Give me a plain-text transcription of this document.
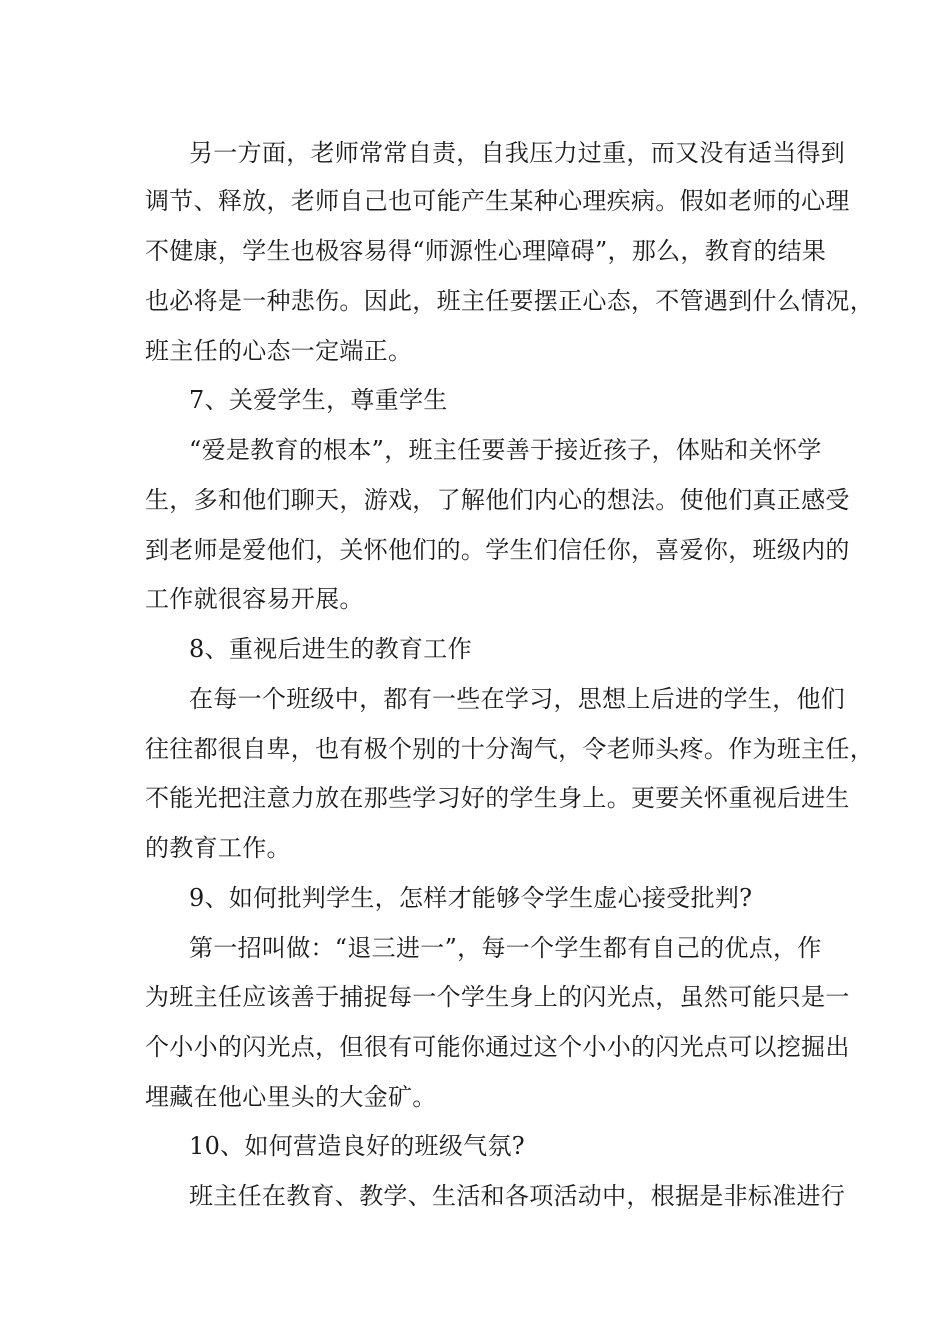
另一方面，老师常常自责，自我压力过重，而又没有适当得到
调节、释放，老师自己也可能产生某种心理疾病。假如老师的心理
不健康，学生也极容易得“师源性心理障碍”，那么，教育的结果
也必将是一种悲伤。因此，班主任要摆正心态，不管遇到什么情况，
班主任的心态一定端正。
7、关爱学生，尊重学生
“爱是教育的根本”，班主任要善于接近孩子，体贴和关怀学
生，多和他们聊天，游戏，了解他们内心的想法。使他们真正感受
到老师是爱他们，关怀他们的。学生们信任你，喜爱你，班级内的
工作就很容易开展。
8、重视后进生的教育工作
在每一个班级中，都有一些在学习，思想上后进的学生，他们
往往都很自卑，也有极个别的十分淘气，令老师头疼。作为班主任，
不能光把注意力放在那些学习好的学生身上。更要关怀重视后进生
的教育工作。
9、如何批判学生，怎样才能够令学生虚心接受批判?
第一招叫做：“退三进一”，每一个学生都有自己的优点，作
为班主任应该善于捕捉每一个学生身上的闪光点，虽然可能只是一
个小小的闪光点，但很有可能你通过这个小小的闪光点可以挖掘出
埋藏在他心里头的大金矿。
10、如何营造良好的班级气氛?
班主任在教育、教学、生活和各项活动中，根据是非标准进行
